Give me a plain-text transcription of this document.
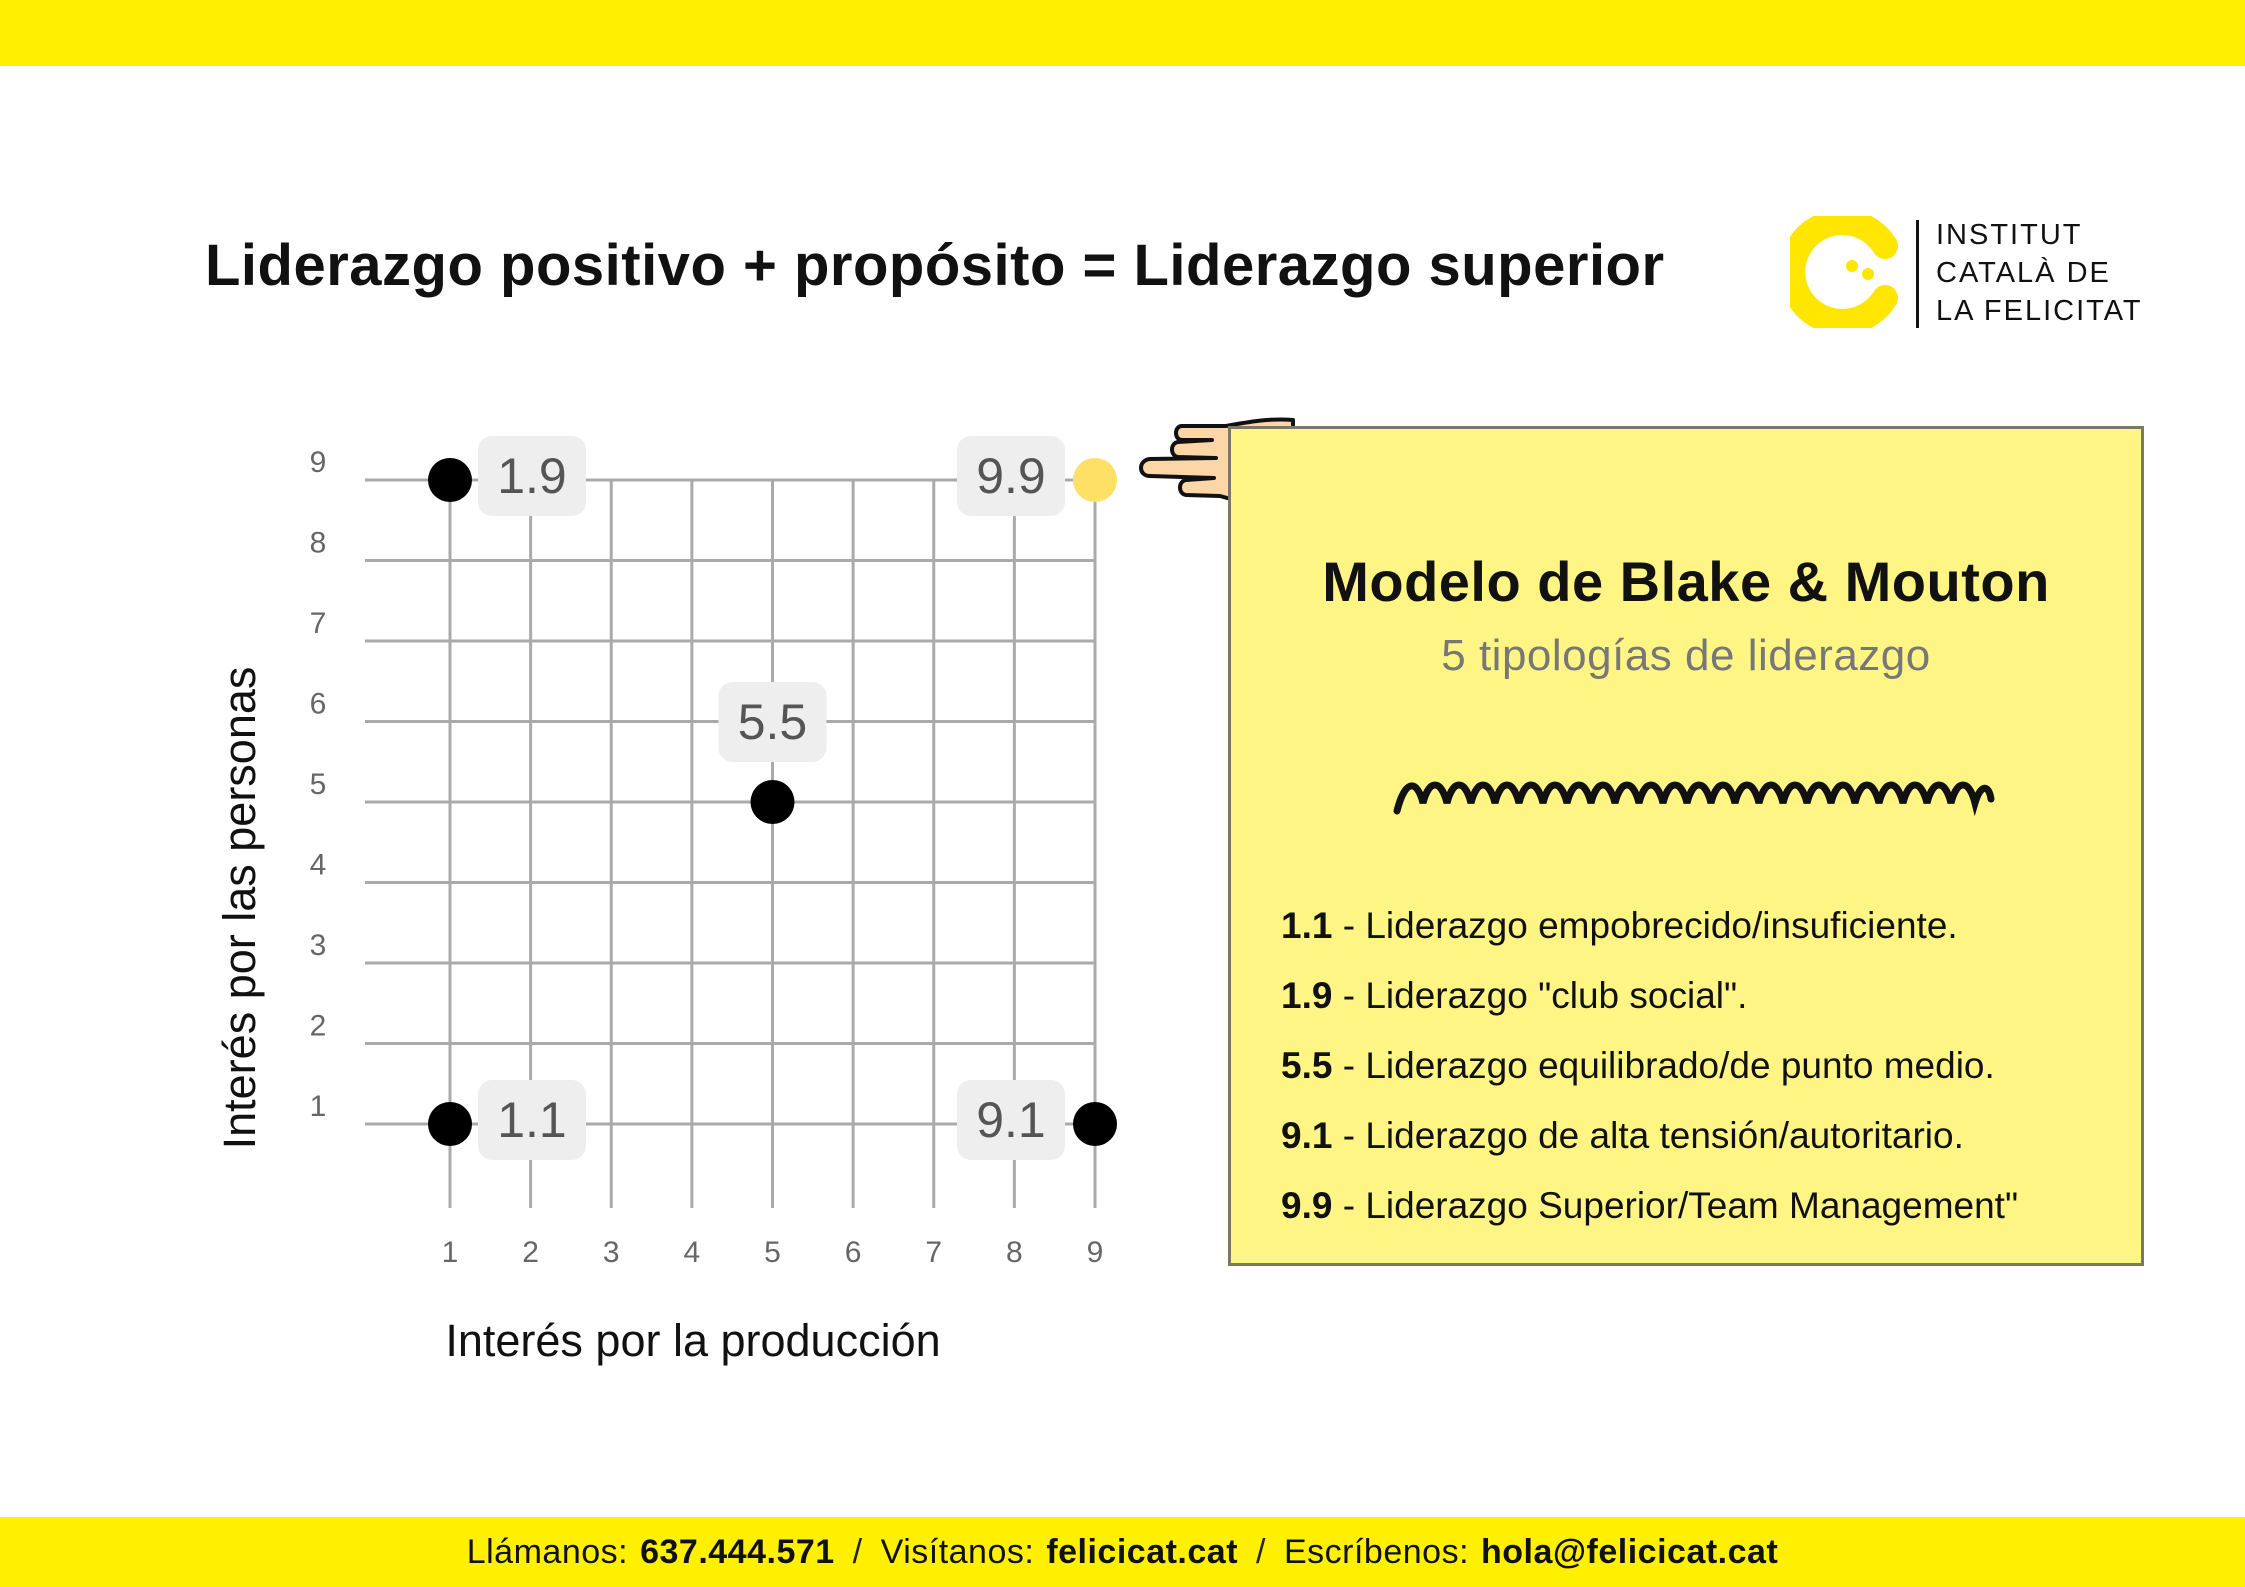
Liderazgo positivo + propósito = Liderazgo superior	INSTITUT
CATALÀ DE
LA FELICITAT
1 2 3 4 5 6 7 8 9
1
2
3
4
5
6
7
8
9
Interés por la producción
Interés por las personas
1.9	9.9
5.5
1.1	9.1
Modelo de Blake & Mouton
5 tipologías de liderazgo
1.1 - Liderazgo empobrecido/insuficiente.
1.9 - Liderazgo "club social".
5.5 - Liderazgo equilibrado/de punto medio.
9.1 - Liderazgo de alta tensión/autoritario.
9.9 - Liderazgo Superior/Team Management"
Llámanos: 637.444.571 / Visítanos: felicicat.cat / Escríbenos: hola@felicicat.cat
